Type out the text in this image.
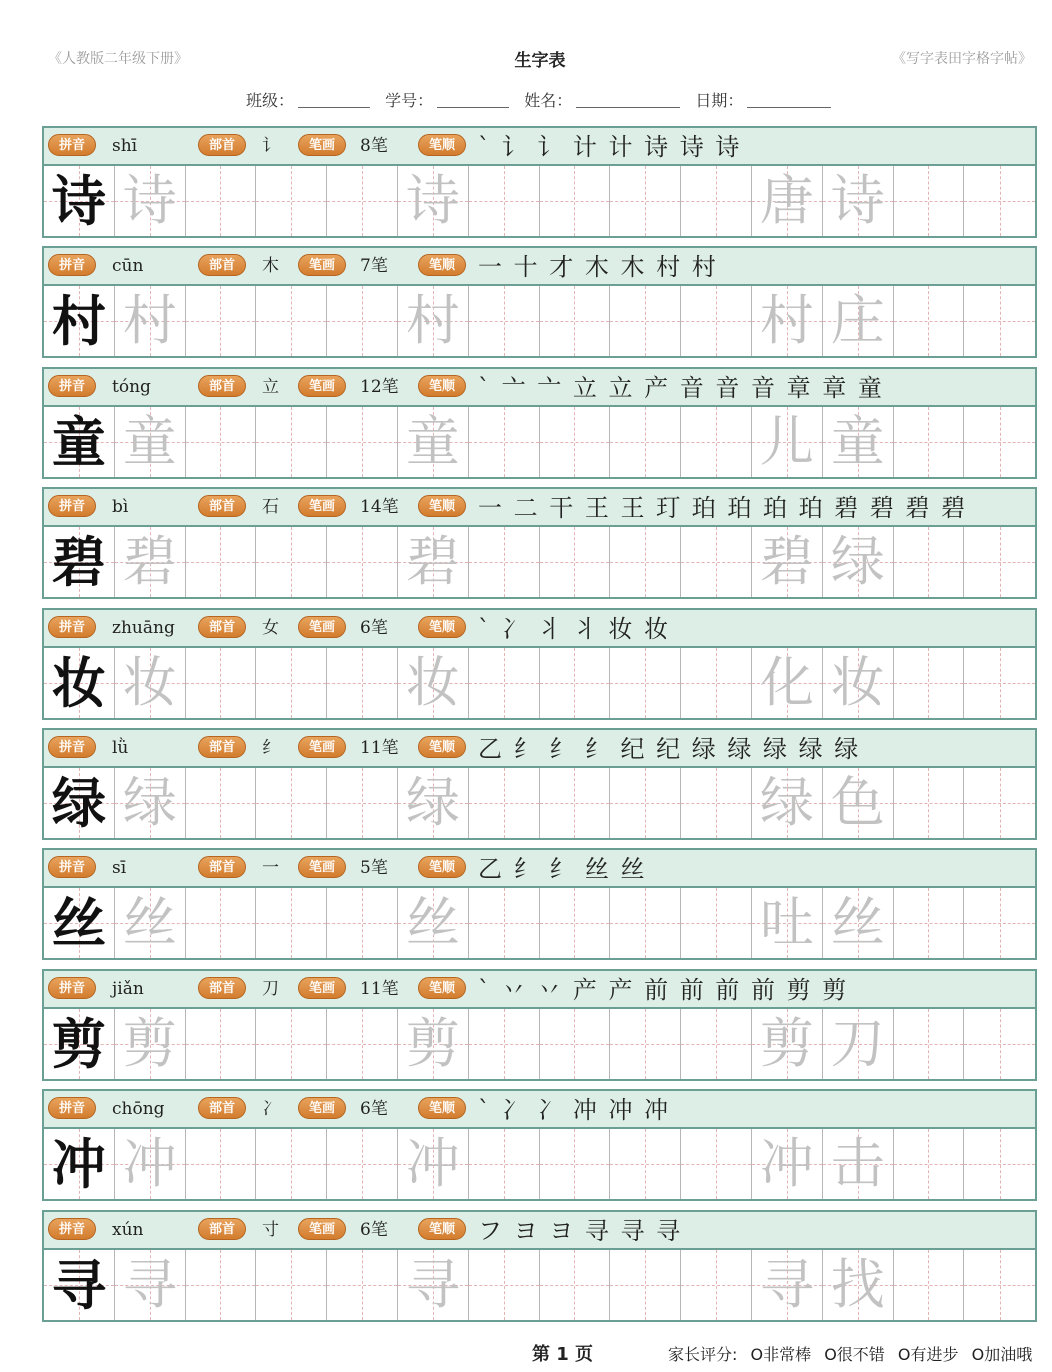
《人教版二年级下册》	生字表	《写字表田字格字帖》
班级：	学号：	姓名：	日期：
拼音	shī	部首	讠	笔画	8笔	笔顺 ` 讠 讠 计 计 诗 诗 诗
诗 诗	诗	唐 诗
拼音	cūn	部首	木	笔画	7笔	笔顺 一 十 才 木 木 村 村
村 村	村	村 庄
拼音	tóng	部首	立	笔画	12笔	笔顺 ` 亠 亠 立 立 产 音 音 音 章 章 童
童 童	童	儿 童
拼音	bì	部首	石	笔画	14笔	笔顺 一 二 干 王 王 玎 珀 珀 珀 珀 碧 碧 碧 碧
碧 碧	碧	碧 绿
拼音	zhuāng	部首	女	笔画	6笔	笔顺 ` 冫 丬 丬 妆 妆
妆 妆	妆	化 妆
拼音	lǜ	部首	纟	笔画	11笔	笔顺 乙 纟 纟 纟 纪 纪 绿 绿 绿 绿 绿
绿 绿	绿	绿 色
拼音	sī	部首	一	笔画	5笔	笔顺 乙 纟 纟 丝 丝
丝 丝	丝	吐 丝
拼音	jiǎn	部首	刀	笔画	11笔	笔顺 ` 丷 丷 产 产 前 前 前 前 剪 剪
剪 剪	剪	剪 刀
拼音	chōng	部首	冫	笔画	6笔	笔顺 ` 冫 冫 冲 冲 冲
冲 冲	冲	冲 击
拼音	xún	部首	寸	笔画	6笔	笔顺 フ ヨ ヨ 寻 寻 寻
寻 寻	寻	寻 找
第 1 页	家长评分: O非常棒 O很不错 O有进步 O加油哦
